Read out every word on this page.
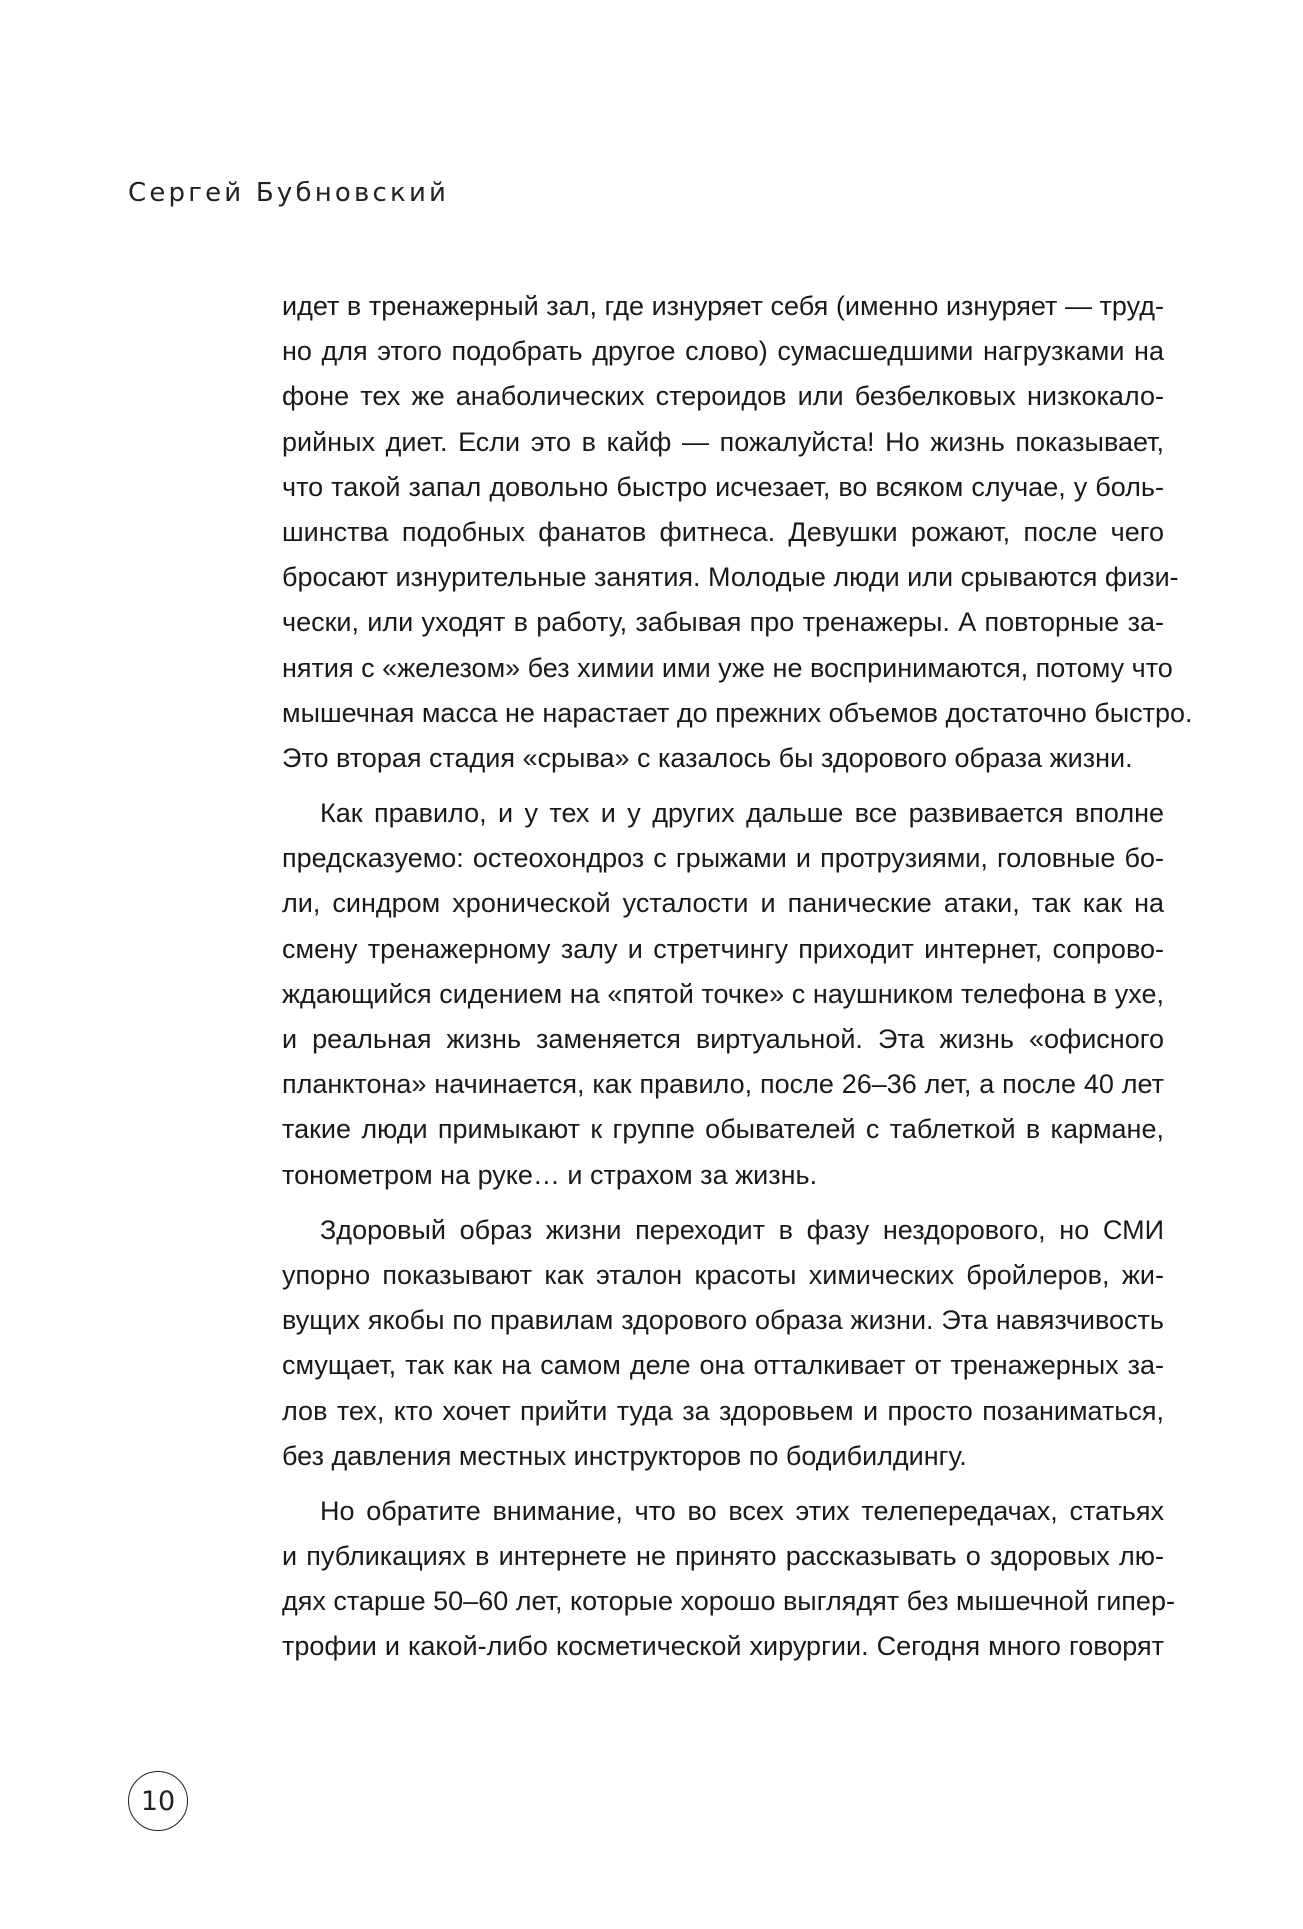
Сергей Бубновский
идет в тренажерный зал, где изнуряет себя (именно изнуряет — труд-
но для этого подобрать другое слово) сумасшедшими нагрузками на
фоне тех же анаболических стероидов или безбелковых низкокало-
рийных диет. Если это в кайф — пожалуйста! Но жизнь показывает,
что такой запал довольно быстро исчезает, во всяком случае, у боль-
шинства подобных фанатов фитнеса. Девушки рожают, после чего
бросают изнурительные занятия. Молодые люди или срываются физи-
чески, или уходят в работу, забывая про тренажеры. А повторные за-
нятия с «железом» без химии ими уже не воспринимаются, потому что
мышечная масса не нарастает до прежних объемов достаточно быстро.
Это вторая стадия «срыва» с казалось бы здорового образа жизни.
Как правило, и у тех и у других дальше все развивается вполне
предсказуемо: остеохондроз с грыжами и протрузиями, головные бо-
ли, синдром хронической усталости и панические атаки, так как на
смену тренажерному залу и стретчингу приходит интернет, сопрово-
ждающийся сидением на «пятой точке» с наушником телефона в ухе,
и реальная жизнь заменяется виртуальной. Эта жизнь «офисного
планктона» начинается, как правило, после 26–36 лет, а после 40 лет
такие люди примыкают к группе обывателей с таблеткой в кармане,
тонометром на руке… и страхом за жизнь.
Здоровый образ жизни переходит в фазу нездорового, но СМИ
упорно показывают как эталон красоты химических бройлеров, жи-
вущих якобы по правилам здорового образа жизни. Эта навязчивость
смущает, так как на самом деле она отталкивает от тренажерных за-
лов тех, кто хочет прийти туда за здоровьем и просто позаниматься,
без давления местных инструкторов по бодибилдингу.
Но обратите внимание, что во всех этих телепередачах, статьях
и публикациях в интернете не принято рассказывать о здоровых лю-
дях старше 50–60 лет, которые хорошо выглядят без мышечной гипер-
трофии и какой-либо косметической хирургии. Сегодня много говорят
10
